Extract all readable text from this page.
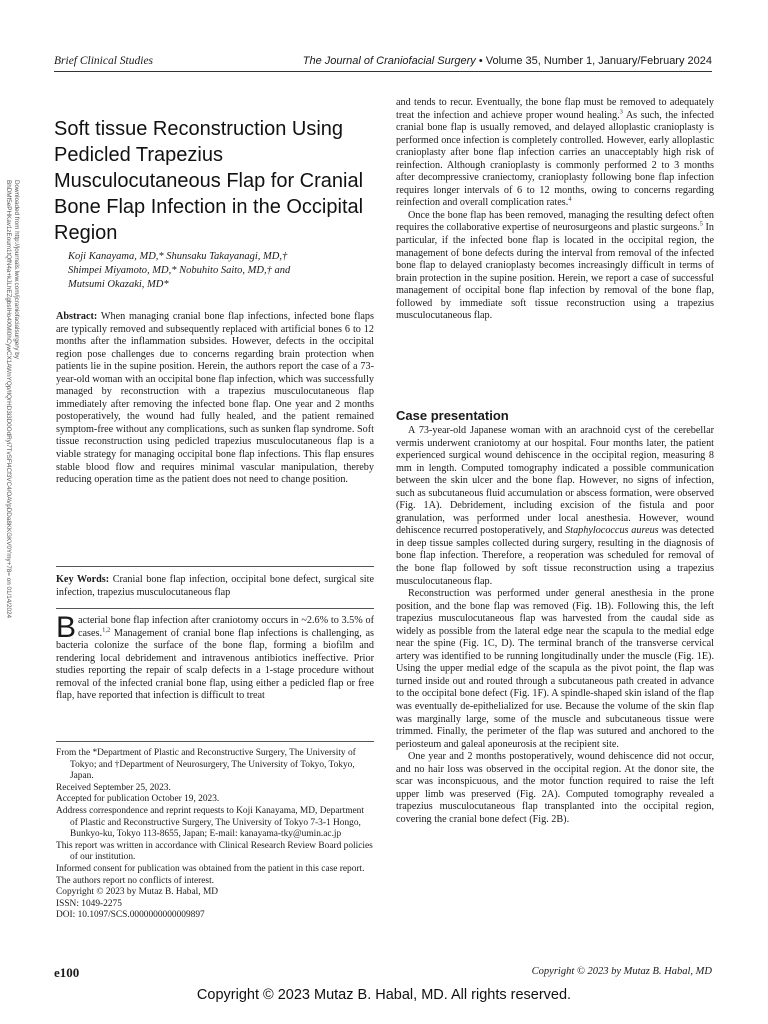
Brief Clinical Studies	The Journal of Craniofacial Surgery • Volume 35, Number 1, January/February 2024
Downloaded from http://journals.lww.com/jcraniofacialsurgery by BhDMf5ePHKav1zEoum1tQfN4a+kJLhEZgbsIHo4XMi0hCywCX1AWnYQp/IlQrHD3i3D0OdRyi7TvSFl4Cf3VC4/OAVpDDa8KKGKV0Ymy+78= on 01/14/2024
Soft tissue Reconstruction Using Pedicled Trapezius Musculocutaneous Flap for Cranial Bone Flap Infection in the Occipital Region
Koji Kanayama, MD,* Shunsaku Takayanagi, MD,†
Shimpei Miyamoto, MD,* Nobuhito Saito, MD,† and
Mutsumi Okazaki, MD*
Abstract: When managing cranial bone flap infections, infected bone flaps are typically removed and subsequently replaced with artificial bones 6 to 12 months after the inflammation subsides. However, defects in the occipital region pose challenges due to concerns regarding brain protection when patients lie in the supine position. Herein, the authors report the case of a 73-year-old woman with an occipital bone flap infection, which was successfully managed by reconstruction with a trapezius musculocutaneous flap immediately after removing the infected bone flap. One year and 2 months postoperatively, the wound had fully healed, and the patient remained symptom-free without any complications, such as sunken flap syndrome. Soft tissue reconstruction using pedicled trapezius musculocutaneous flap is a viable strategy for managing occipital bone flap infections. This flap ensures stable blood flow and requires minimal vascular manipulation, thereby reducing operation time as the patient does not need to change position.
Key Words: Cranial bone flap infection, occipital bone defect, surgical site infection, trapezius musculocutaneous flap
Bacterial bone flap infection after craniotomy occurs in ~2.6% to 3.5% of cases.$^{1,2}$ Management of cranial bone flap infections is challenging, as bacteria colonize the surface of the bone flap, forming a biofilm and rendering local debridement and intravenous antibiotics ineffective. Prior studies reporting the repair of scalp defects in a 1-stage procedure without removal of the infected cranial bone flap, using either a pedicled flap or free flap, have reported that infection is difficult to treat

From the *Department of Plastic and Reconstructive Surgery, The University of Tokyo; and †Department of Neurosurgery, The University of Tokyo, Tokyo, Japan.

Received September 25, 2023.

Accepted for publication October 19, 2023.

Address correspondence and reprint requests to Koji Kanayama, MD, Department of Plastic and Reconstructive Surgery, The University of Tokyo 7-3-1 Hongo, Bunkyo-ku, Tokyo 113-8655, Japan; E-mail: kanayama-tky@umin.ac.jp

This report was written in accordance with Clinical Research Review Board policies of our institution.

Informed consent for publication was obtained from the patient in this case report.

The authors report no conflicts of interest.

Copyright © 2023 by Mutaz B. Habal, MD

ISSN: 1049-2275

DOI: 10.1097/SCS.0000000000009897

and tends to recur. Eventually, the bone flap must be removed to adequately treat the infection and achieve proper wound healing.$^3$ As such, the infected cranial bone flap is usually removed, and delayed alloplastic cranioplasty is performed once infection is completely controlled. However, early alloplastic cranioplasty after bone flap infection carries an unacceptably high risk of reinfection. Although cranioplasty is commonly performed 2 to 3 months after decompressive craniectomy, cranioplasty following bone flap infection requires longer intervals of 6 to 12 months, owing to concerns regarding reinfection and overall complication rates.$^4$

Once the bone flap has been removed, managing the resulting defect often requires the collaborative expertise of neurosurgeons and plastic surgeons.$^5$ In particular, if the infected bone flap is located in the occipital region, the management of bone defects during the interval from removal of the infected bone flap to delayed cranioplasty becomes increasingly difficult in terms of brain protection in the supine position. Herein, we report a case of successful management of occipital bone flap infection by removal of the bone flap, followed by immediate soft tissue reconstruction using a trapezius musculocutaneous flap.

Case presentation

A 73-year-old Japanese woman with an arachnoid cyst of the cerebellar vermis underwent craniotomy at our hospital. Four months later, the patient experienced surgical wound dehiscence in the occipital region, measuring 8 mm in length. Computed tomography indicated a possible communication between the skin ulcer and the bone flap. However, no signs of infection, such as subcutaneous fluid accumulation or abscess formation, were observed (Fig. 1A). Debridement, including excision of the fistula and poor granulation, was performed under local anesthesia. However, wound dehiscence recurred postoperatively, and Staphylococcus aureus was detected in deep tissue samples collected during surgery, resulting in the diagnosis of bone flap infection. Therefore, a reoperation was scheduled for removal of the bone flap followed by soft tissue reconstruction using a trapezius musculocutaneous flap.

Reconstruction was performed under general anesthesia in the prone position, and the bone flap was removed (Fig. 1B). Following this, the left trapezius musculocutaneous flap was harvested from the caudal side as widely as possible from the lateral edge near the scapula to the medial edge near the spine (Fig. 1C, D). The terminal branch of the transverse cervical artery was identified to be running longitudinally under the muscle (Fig. 1E). Using the upper medial edge of the scapula as the pivot point, the flap was turned inside out and routed through a subcutaneous path created in advance to the occipital bone defect (Fig. 1F). A spindle-shaped skin island of the flap was eventually de-epithelialized for use. Because the volume of the skin flap was marginally large, some of the muscle and subcutaneous tissue were trimmed. Finally, the perimeter of the flap was sutured and anchored to the periosteum and galeal aponeurosis at the recipient site.

One year and 2 months postoperatively, wound dehiscence did not occur, and no hair loss was observed in the occipital region. At the donor site, the scar was inconspicuous, and the motor function required to raise the left upper limb was preserved (Fig. 2A). Computed tomography revealed a trapezius musculocutaneous flap transplanted into the occipital region, covering the cranial bone defect (Fig. 2B).

e100	Copyright © 2023 by Mutaz B. Habal, MD
Copyright © 2023 Mutaz B. Habal, MD. All rights reserved.
